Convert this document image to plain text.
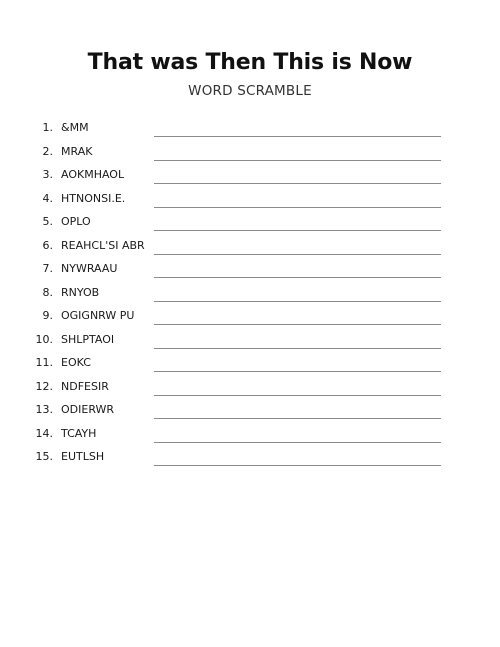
That was Then This is Now
WORD SCRAMBLE
1. &MM
2. MRAK
3. AOKMHAOL
4. HTNONSI.E.
5. OPLO
6. REAHCL'SI ABR
7. NYWRAAU
8. RNYOB
9. OGIGNRW PU
10. SHLPTAOI
11. EOKC
12. NDFESIR
13. ODIERWR
14. TCAYH
15. EUTLSH
